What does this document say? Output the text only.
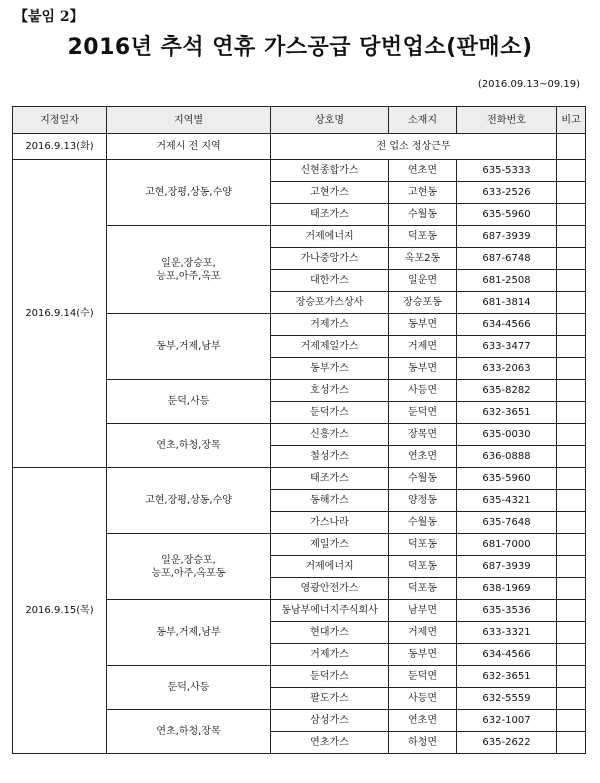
【붙임 2】
2016년 추석 연휴 가스공급 당번업소(판매소)
(2016.09.13~09.19)
지정일자	지역별	상호명	소재지	전화번호	비고
2016.9.13(화)	거제시 전 지역	전 업소 정상근무			
2016.9.14(수)	고현,장평,상동,수양	신현종합가스	연초면	635-5333	
		고현가스	고현동	633-2526	
		태조가스	수월동	635-5960	

	일운,장승포,
능포,아주,옥포	거제에너지	덕포동	687-3939	
		가나중앙가스	옥포2동	687-6748	
		대한가스	일운면	681-2508	
		장승포가스상사	장승포동	681-3814	

	동부,거제,남부	거제가스	동부면	634-4566	
		거제제일가스	거제면	633-3477	
		동부가스	동부면	633-2063	

	둔덕,사등	호성가스	사등면	635-8282	
		둔덕가스	둔덕면	632-3651	

	연초,하청,장목	신흥가스	장목면	635-0030	
		철성가스	연초면	636-0888	
2016.9.15(목)	고현,장평,상동,수양	태조가스	수월동	635-5960	
		동해가스	양정동	635-4321	
		가스나라	수월동	635-7648	

	일운,장승포,
능포,아주,옥포동	제일가스	덕포동	681-7000	
		거제에너지	덕포동	687-3939	
		영광안전가스	덕포동	638-1969	

	동부,거제,남부	동남부에너지주식회사	남부면	635-3536	
		현대가스	거제면	633-3321	
		거제가스	동부면	634-4566	

	둔덕,사등	둔덕가스	둔덕면	632-3651	
		팔도가스	사등면	632-5559	

	연초,하청,장목	삼성가스	연초면	632-1007	
		연초가스	하청면	635-2622	
